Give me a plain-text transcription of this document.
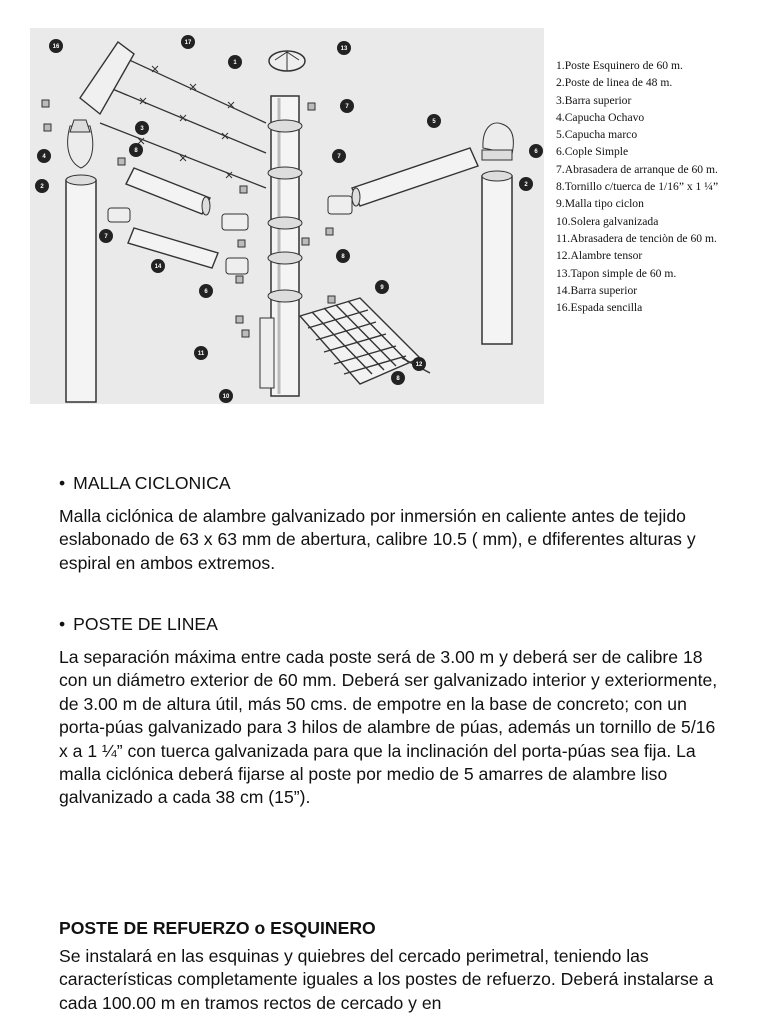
16
17
13
1
7
3
5
4
8	6
7
2	2
7
14
6
8
9
11
12
8
10
1.Poste Esquinero de 60 m.
2.Poste de linea de 48 m.
3.Barra superior
4.Capucha Ochavo
5.Capucha marco
6.Cople Simple
7.Abrasadera de arranque de 60 m.
8.Tornillo c/tuerca de 1/16” x 1 ¼”
9.Malla tipo ciclon
10.Solera galvanizada
11.Abrasadera de tenciòn de 60 m.
12.Alambre tensor
13.Tapon simple de 60 m.
14.Barra superior
16.Espada sencilla
• MALLA CICLONICA

Malla ciclónica de alambre galvanizado por inmersión en caliente antes de tejido eslabonado de 63 x 63 mm de abertura, calibre 10.5 ( mm), e dfiferentes alturas y espiral en ambos extremos.

• POSTE DE LINEA

La separación máxima entre cada poste será de 3.00 m y deberá ser de calibre 18 con un diámetro exterior de 60 mm. Deberá ser galvanizado interior y exteriormente, de 3.00 m de altura útil, más 50 cms. de empotre en la base de concreto; con un porta-púas galvanizado para 3 hilos de alambre de púas, además un tornillo de 5/16 x a 1 ¼” con tuerca galvanizada para que la inclinación del porta-púas sea fija. La malla ciclónica deberá fijarse al poste por medio de 5 amarres de alambre liso galvanizado a cada 38 cm (15”).

POSTE DE REFUERZO o ESQUINERO

Se instalará en las esquinas y quiebres del cercado perimetral, teniendo las características completamente iguales a los postes de refuerzo. Deberá instalarse a cada 100.00 m en tramos rectos de cercado y en
